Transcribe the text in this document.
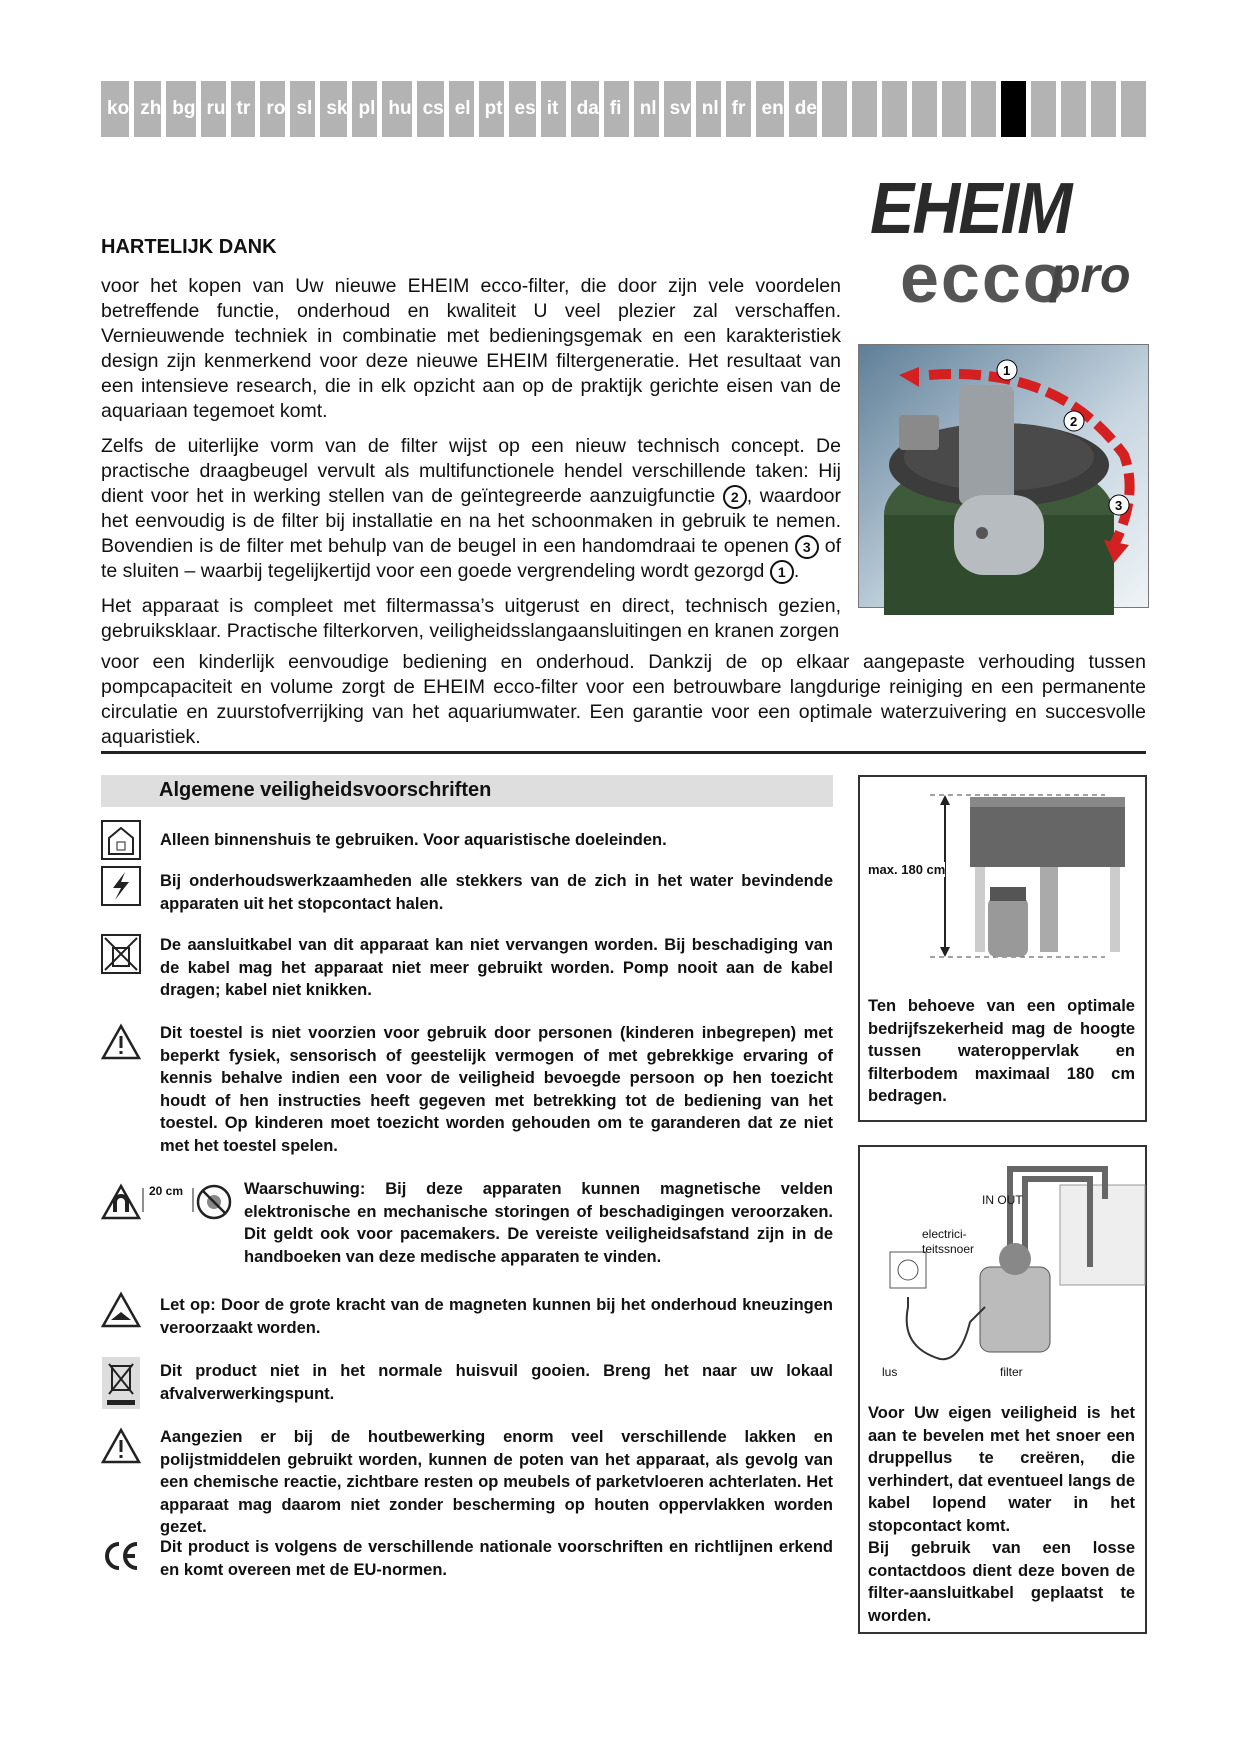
ko zh bg ru tr ro sl sk pl hu cs el pt es it da fi nl sv nl fr en de
EHEIM
ecco
pro
HARTELIJK DANK

voor het kopen van Uw nieuwe EHEIM ecco-filter, die door zijn vele voordelen betreffende functie, onderhoud en kwaliteit U veel plezier zal verschaffen. Vernieuwende techniek in combinatie met bedieningsgemak en een karakteristiek design zijn kenmerkend voor deze nieuwe EHEIM filtergeneratie. Het resultaat van een intensieve research, die in elk opzicht aan op de praktijk gerichte eisen van de aquariaan tegemoet komt.

Zelfs de uiterlijke vorm van de filter wijst op een nieuw technisch concept. De practische draagbeugel vervult als multifunctionele hendel verschillende taken: Hij dient voor het in werking stellen van de geïntegreerde aanzuigfunctie 2 , waardoor het eenvoudig is de filter bij installatie en na het schoonmaken in gebruik te nemen. Bovendien is de filter met behulp van de beugel in een handomdraai te openen 3 of te sluiten – waarbij tegelijkertijd voor een goede vergrendeling wordt gezorgd 1 .

Het apparaat is compleet met filtermassa’s uitgerust en direct, technisch gezien, gebruiksklaar. Practische filterkorven, veiligheidsslangaansluitingen en kranen zorgen

voor een kinderlijk eenvoudige bediening en onderhoud. Dankzij de op elkaar aangepaste verhouding tussen pompcapaciteit en volume zorgt de EHEIM ecco-filter voor een betrouwbare langdurige reiniging en een permanente circulatie en zuurstofverrijking van het aquariumwater. Een garantie voor een optimale waterzuivering en succesvolle aquaristiek.
1
2
3
Algemene veiligheidsvoorschriften
Alleen binnenshuis te gebruiken. Voor aquaristische doeleinden.
Bij onderhoudswerkzaamheden alle stekkers van de zich in het water bevindende apparaten uit het stopcontact halen.
De aansluitkabel van dit apparaat kan niet vervangen worden. Bij beschadiging van de kabel mag het apparaat niet meer gebruikt worden. Pomp nooit aan de kabel dragen; kabel niet knikken.
Dit toestel is niet voorzien voor gebruik door personen (kinderen inbegrepen) met beperkt fysiek, sensorisch of geestelijk vermogen of met gebrekkige ervaring of kennis behalve indien een voor de veiligheid bevoegde persoon op hen toezicht houdt of hen instructies heeft gegeven met betrekking tot de bediening van het toestel. Op kinderen moet toezicht worden gehouden om te garanderen dat ze niet met het toestel spelen.
20 cm	Waarschuwing: Bij deze apparaten kunnen magnetische velden elektronische en mechanische storingen of beschadigingen veroorzaken. Dit geldt ook voor pacemakers. De vereiste veiligheidsafstand zijn in de handboeken van deze medische apparaten te vinden.
Let op: Door de grote kracht van de magneten kunnen bij het onderhoud kneuzingen veroorzaakt worden.
Dit product niet in het normale huisvuil gooien. Breng het naar uw lokaal afvalverwerkingspunt.
Aangezien er bij de houtbewerking enorm veel verschillende lakken en polijstmiddelen gebruikt worden, kunnen de poten van het apparaat, als gevolg van een chemische reactie, zichtbare resten op meubels of parketvloeren achterlaten. Het apparaat mag daarom niet zonder bescherming op houten oppervlakken worden gezet.
Dit product is volgens de verschillende nationale voorschriften en richtlijnen erkend en komt overeen met de EU-normen.
max. 180 cm
Ten behoeve van een optimale bedrijfszekerheid mag de hoogte tussen wateroppervlak en filterbodem maximaal 180 cm bedragen.
IN OUT
electrici-
teitssnoer
lus	filter
Voor Uw eigen veiligheid is het aan te bevelen met het snoer een druppellus te creëren, die verhindert, dat eventueel langs de kabel lopend water in het stopcontact komt.
Bij gebruik van een losse contactdoos dient deze boven de filter-aansluitkabel geplaatst te worden.
